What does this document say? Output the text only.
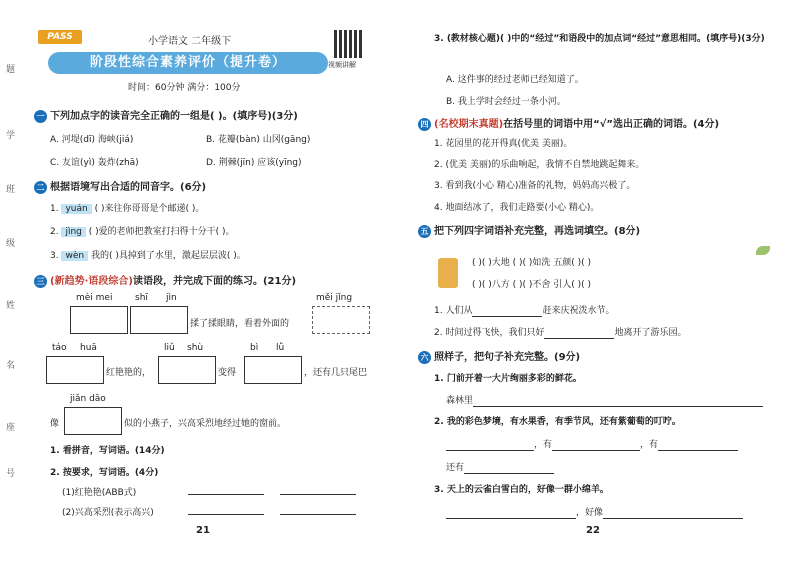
题
学
班
级
姓
名
座
号
PASS	小学语文 二年级下
视频讲解
阶段性综合素养评价（提升卷）
时间：60分钟 满分：100分
一 下列加点字的读音完全正确的一组是( )。(填序号)(3分)
A. 河堤(dī) 海峡(jiá)	B. 花瓣(bàn) 山冈(gāng)
C. 友谊(yì) 轰炸(zhā)	D. 荆棘(jīn) 应该(yīng)
二 根据语境写出合适的同音字。(6分)
1. yuán ( )来往你哥哥是个邮递( )。
2. jìng ( )爱的老师把教室打扫得十分干( )。
3. wèn 我的( )具掉到了水里，激起层层波( )。
三 (新趋势·语段综合)读语段，并完成下面的练习。(21分)
mèi mei	shī jìn	měi jǐng
揉了揉眼睛，看着外面的
táo huā	liǔ shù	bì lǜ
红艳艳的，	变得	，还有几只尾巴
jiǎn dāo
像	似的小燕子，兴高采烈地经过她的窗前。
1. 看拼音，写词语。(14分)
2. 按要求，写词语。(4分)
(1)红艳艳(ABB式)
(2)兴高采烈(表示高兴)
21
3. (教材核心题)( )中的“经过”和语段中的加点词“经过”意思相同。(填序号)(3分)
A. 这件事的经过老师已经知道了。
B. 我上学时会经过一条小河。
四 (名校期末真题)在括号里的词语中用“√”选出正确的词语。(4分)
1. 花园里的花开得真(优美 美丽)。
2. (优美 美丽)的乐曲响起，我情不自禁地跳起舞来。
3. 看到我(小心 精心)准备的礼物，妈妈高兴极了。
4. 地面结冰了，我们走路要(小心 精心)。
五 把下列四字词语补充完整，再选词填空。(8分)
( )( )大地 ( )( )如洗 五颜( )( )
( )( )八方 ( )( )不舍 引人( )( )
1. 人们从	赶来庆祝泼水节。
2. 时间过得飞快，我们只好	地离开了游乐园。
六 照样子，把句子补充完整。(9分)
1. 门前开着一大片绚丽多彩的鲜花。
森林里
2. 我的彩色梦境，有水果香，有季节风，还有紫葡萄的叮咛。
，有	，有
还有
3. 天上的云雀白雪白的，好像一群小绵羊。
，好像
22
